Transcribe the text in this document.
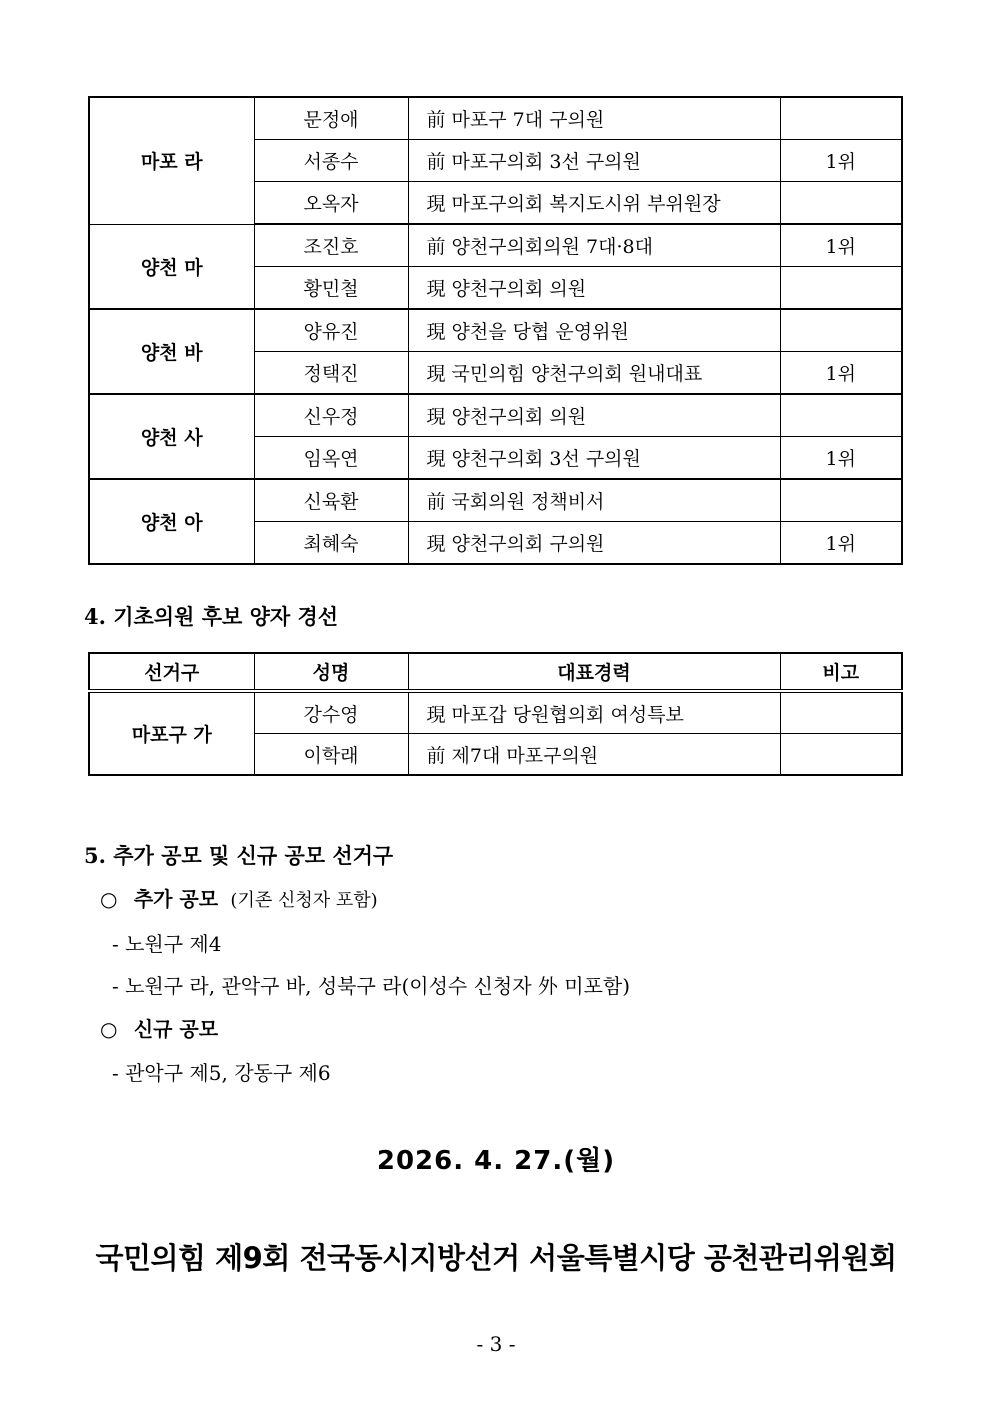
마포 라	문정애	前 마포구 7대 구의원	
	서종수	前 마포구의회 3선 구의원	1위
	오옥자	現 마포구의회 복지도시위 부위원장	
양천 마	조진호	前 양천구의회의원 7대·8대	1위
	황민철	現 양천구의회 의원	
양천 바	양유진	現 양천을 당협 운영위원	
	정택진	現 국민의힘 양천구의회 원내대표	1위
양천 사	신우정	現 양천구의회 의원	
	임옥연	現 양천구의회 3선 구의원	1위
양천 아	신육환	前 국회의원 정책비서	
	최혜숙	現 양천구의회 구의원	1위
4. 기초의원 후보 양자 경선
선거구	성명	대표경력	비고
마포구 가	강수영	現 마포갑 당원협의회 여성특보	
	이학래	前 제7대 마포구의원	
5. 추가 공모 및 신규 공모 선거구
○ 추가 공모 (기존 신청자 포함)
- 노원구 제4
- 노원구 라, 관악구 바, 성북구 라(이성수 신청자 外 미포함)
○ 신규 공모
- 관악구 제5, 강동구 제6
2026. 4. 27.(월)
국민의힘 제9회 전국동시지방선거 서울특별시당 공천관리위원회
- 3 -
